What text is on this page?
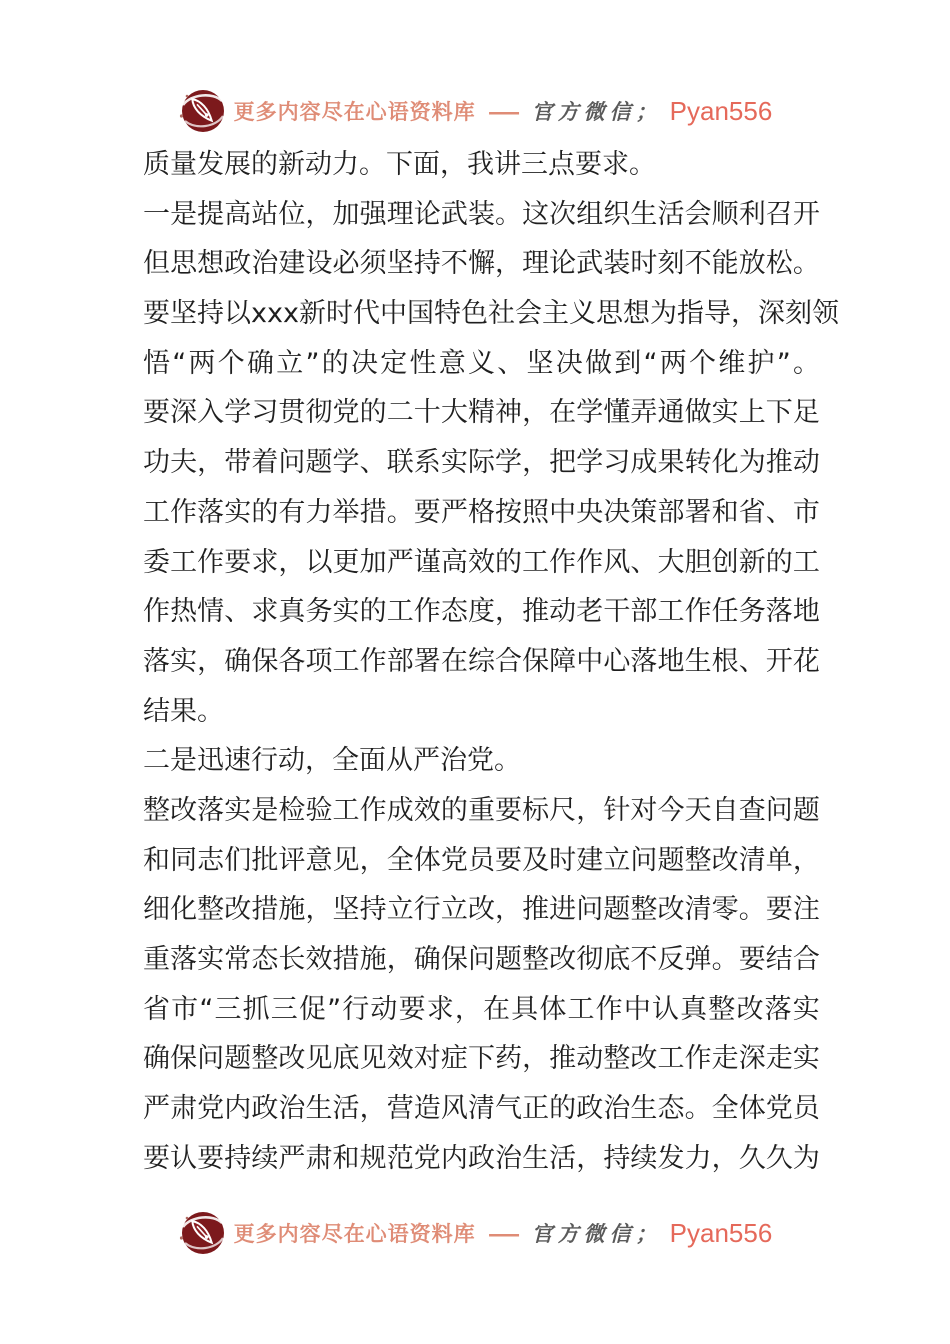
更多内容尽在心语资料库 — 官方微信； Pyan556
质量发展的新动力。下面，我讲三点要求。
一 是 提 高 站 位 ， 加 强 理 论 武 装 。 这 次 组 织 生 活 会 顺 利 召 开
但 思 想 政 治 建 设 必 须 坚 持 不 懈 ， 理 论 武 装 时 刻 不 能 放 松 。
要 坚 持 以 xxx 新 时 代 中 国 特 色 社 会 主 义 思 想 为 指 导 ， 深 刻 领
悟 “ 两 个 确 立 ” 的 决 定 性 意 义 、 坚 决 做 到 “ 两 个 维 护 ” 。
要 深 入 学 习 贯 彻 党 的 二 十 大 精 神 ， 在 学 懂 弄 通 做 实 上 下 足
功 夫 ， 带 着 问 题 学 、 联 系 实 际 学 ， 把 学 习 成 果 转 化 为 推 动
工 作 落 实 的 有 力 举 措 。 要 严 格 按 照 中 央 决 策 部 署 和 省 、 市
委 工 作 要 求 ， 以 更 加 严 谨 高 效 的 工 作 作 风 、 大 胆 创 新 的 工
作 热 情 、 求 真 务 实 的 工 作 态 度 ， 推 动 老 干 部 工 作 任 务 落 地
落 实 ， 确 保 各 项 工 作 部 署 在 综 合 保 障 中 心 落 地 生 根 、 开 花
结果。
二是迅速行动，全面从严治党。
整 改 落 实 是 检 验 工 作 成 效 的 重 要 标 尺 ， 针 对 今 天 自 查 问 题
和 同 志 们 批 评 意 见 ， 全 体 党 员 要 及 时 建 立 问 题 整 改 清 单 ，
细 化 整 改 措 施 ， 坚 持 立 行 立 改 ， 推 进 问 题 整 改 清 零 。 要 注
重 落 实 常 态 长 效 措 施 ， 确 保 问 题 整 改 彻 底 不 反 弹 。 要 结 合
省 市 “ 三 抓 三 促 ” 行 动 要 求 ， 在 具 体 工 作 中 认 真 整 改 落 实
确 保 问 题 整 改 见 底 见 效 对 症 下 药 ， 推 动 整 改 工 作 走 深 走 实
严 肃 党 内 政 治 生 活 ， 营 造 风 清 气 正 的 政 治 生 态 。 全 体 党 员
要 认 要 持 续 严 肃 和 规 范 党 内 政 治 生 活 ， 持 续 发 力 ， 久 久 为
更多内容尽在心语资料库 — 官方微信； Pyan556
